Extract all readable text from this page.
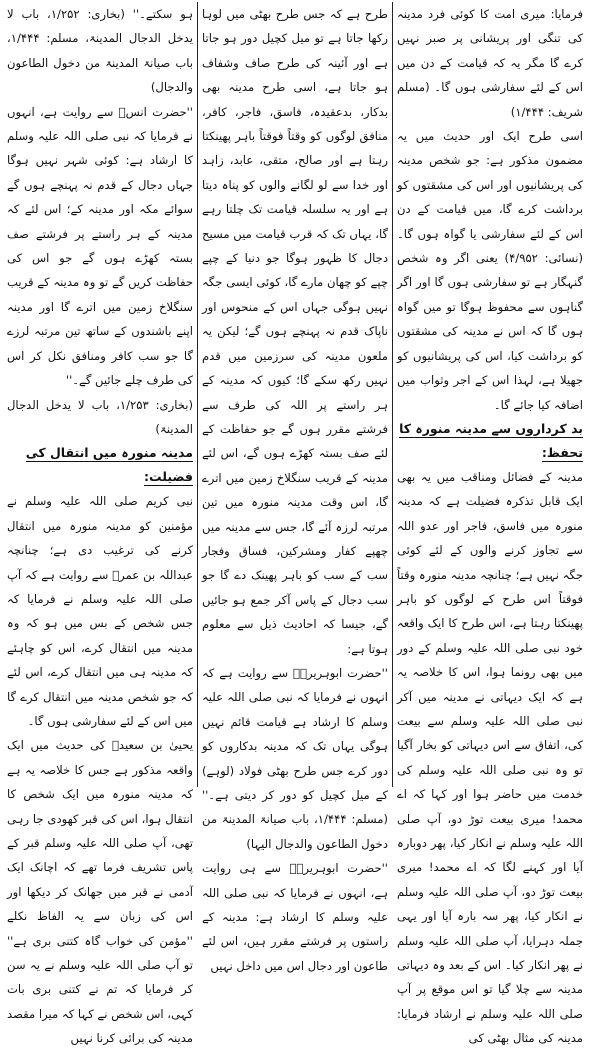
فرمایا: میری امت کا کوئی فرد مدینہ کی تنگی اور پریشانی پر صبر نہیں کرے گا مگر یہ کہ قیامت کے دن میں اس کے لئے سفارشی ہوں گا۔ (مسلم شریف: ۱/۴۴۴)

اسی طرح ایک اور حدیث میں یہ مضمون مذکور ہے: جو شخص مدینہ کی پریشانیوں اور اس کی مشقتوں کو برداشت کرے گا، میں قیامت کے دن اس کے لئے سفارشی یا گواہ ہوں گا۔ (نسائی: ۴/۹۵۲) یعنی اگر وہ شخص گنہگار ہے تو سفارشی ہوں گا اور اگر گناہوں سے محفوظ ہوگا تو میں گواہ ہوں گا کہ اس نے مدینہ کی مشقتوں کو برداشت کیا، اس کی پریشانیوں کو جھیلا ہے، لہذا اس کے اجر وثواب میں اضافہ کیا جائے گا۔

بد کرداروں سے مدینہ منورہ کا تحفظ:

مدینہ کے فضائل ومناقب میں یہ بھی ایک قابل تذکرہ فضیلت ہے کہ مدینہ منورہ میں فاسق، فاجر اور عدو اللہ سے تجاوز کرنے والوں کے لئے کوئی جگہ نہیں ہے؛ چنانچہ مدینہ منورہ وقتاً فوقتاً اس طرح کے لوگوں کو باہر پھینکتا رہتا ہے، اس طرح کا ایک واقعہ خود نبی صلی اللہ علیہ وسلم کے دور میں بھی رونما ہوا، اس کا خلاصہ یہ ہے کہ ایک دیہاتی نے مدینہ میں آکر نبی صلی اللہ علیہ وسلم سے بیعت کی، اتفاق سے اس دیہاتی کو بخار آگیا تو وہ نبی صلی اللہ علیہ وسلم کی خدمت میں حاضر ہوا اور کہا کہ اے محمد! میری بیعت توڑ دو، آپ صلی اللہ علیہ وسلم نے انکار کیا، پھر دوبارہ آیا اور کہنے لگا کہ اے محمد! میری بیعت توڑ دو، آپ صلی اللہ علیہ وسلم نے انکار کیا، پھر سہ بارہ آیا اور یہی جملہ دہرایا، آپ صلی اللہ علیہ وسلم نے پھر انکار کیا۔ اس کے بعد وہ دیہاتی مدینہ سے چلا گیا تو اس موقع پر آپ صلی اللہ علیہ وسلم نے ارشاد فرمایا: مدینہ کی مثال بھٹی کی

طرح ہے کہ جس طرح بھٹی میں لوہا رکھا جاتا ہے تو میل کچیل دور ہو جاتا ہے اور آئینہ کی طرح صاف وشفاف ہو جاتا ہے، اسی طرح مدینہ بھی بدکار، بدعقیدہ، فاسق، فاجر، کافر، منافق لوگوں کو وقتاً فوقتاً باہر پھینکتا رہتا ہے اور صالح، متقی، عابد، زاہد اور خدا سے لو لگانے والوں کو پناہ دیتا ہے اور یہ سلسلہ قیامت تک چلتا رہے گا، یہاں تک کہ قرب قیامت میں مسیح دجال کا ظہور ہوگا جو دنیا کے چپے چپے کو چھان مارے گا، کوئی ایسی جگہ نہیں ہوگی جہاں اس کے منحوس اور ناپاک قدم نہ پہنچے ہوں گے؛ لیکن یہ ملعون مدینہ کی سرزمین میں قدم نہیں رکھ سکے گا؛ کیوں کہ مدینہ کے ہر راستے پر اللہ کی طرف سے فرشتے مقرر ہوں گے جو حفاظت کے لئے صف بستہ کھڑے ہوں گے، اس لئے مدینہ کے قریب سنگلاخ زمین میں اترے گا، اس وقت مدینہ منورہ میں تین مرتبہ لرزہ آئے گا، جس سے مدینہ میں چھپے کفار ومشرکین، فساق وفجار سب کے سب کو باہر پھینک دے گا جو سب دجال کے پاس آکر جمع ہو جائیں گے، جیسا کہ احادیث ذیل سے معلوم ہوتا ہے:

''حضرت ابوہریرہؓ سے روایت ہے کہ انہوں نے فرمایا کہ نبی صلی اللہ علیہ وسلم کا ارشاد ہے قیامت قائم نہیں ہوگی یہاں تک کہ مدینہ بدکاروں کو دور کرے جس طرح بھٹی فولاد (لوہے) کے میل کچیل کو دور کر دیتی ہے۔'' (مسلم: ۱/۴۴۴، باب صیانۃ المدینۃ من دخول الطاعون والدجال الیہا)

''حضرت ابوہریرہؓ سے ہی روایت ہے، انہوں نے فرمایا کہ نبی صلی اللہ علیہ وسلم کا ارشاد ہے: مدینہ کے راستوں پر فرشتے مقرر ہیں، اس لئے طاعون اور دجال اس میں داخل نہیں

ہو سکتے۔'' (بخاری: ۱/۲۵۲، باب لا یدخل الدجال المدینۃ، مسلم: ۱/۴۴۴، باب صیانۃ المدینۃ من دخول الطاعون والدجال)

''حضرت انسؓ سے روایت ہے، انہوں نے فرمایا کہ نبی صلی اللہ علیہ وسلم کا ارشاد ہے: کوئی شہر نہیں ہوگا جہاں دجال کے قدم نہ پہنچے ہوں گے سوائے مکہ اور مدینہ کے؛ اس لئے کہ مدینہ کے ہر راستے پر فرشتے صف بستہ کھڑے ہوں گے جو اس کی حفاظت کریں گے تو وہ مدینہ کے قریب سنگلاخ زمین میں اترے گا اور مدینہ اپنے باشندوں کے ساتھ تین مرتبہ لرزے گا جو سب کافر ومنافق نکل کر اس کی طرف چلے جائیں گے۔''

(بخاری: ۱/۲۵۳، باب لا یدخل الدجال المدینۃ)

مدینہ منورہ میں انتقال کی فضیلت:

نبی کریم صلی اللہ علیہ وسلم نے مؤمنین کو مدینہ منورہ میں انتقال کرنے کی ترغیب دی ہے؛ چنانچہ عبداللہ بن عمرؓ سے روایت ہے کہ آپ صلی اللہ علیہ وسلم نے فرمایا کہ جس شخص کے بس میں ہو کہ وہ مدینہ میں انتقال کرے، اس کو چاہئے کہ مدینہ ہی میں انتقال کرے، اس لئے کہ جو شخص مدینہ میں انتقال کرے گا میں اس کے لئے سفارشی ہوں گا۔

یحییٰ بن سعیدؒ کی حدیث میں ایک واقعہ مذکور ہے جس کا خلاصہ یہ ہے کہ مدینہ منورہ میں ایک شخص کا انتقال ہوا، اس کی قبر کھودی جا رہی تھی، آپ صلی اللہ علیہ وسلم قبر کے پاس تشریف فرما تھے کہ اچانک ایک آدمی نے قبر میں جھانک کر دیکھا اور اس کی زبان سے یہ الفاظ نکلے ''مؤمن کی خواب گاہ کتنی بری ہے'' تو آپ صلی اللہ علیہ وسلم نے یہ سن کر فرمایا کہ تم نے کتنی بری بات کہی، اس شخص نے کہا کہ میرا مقصد مدینہ کی برائی کرنا نہیں
